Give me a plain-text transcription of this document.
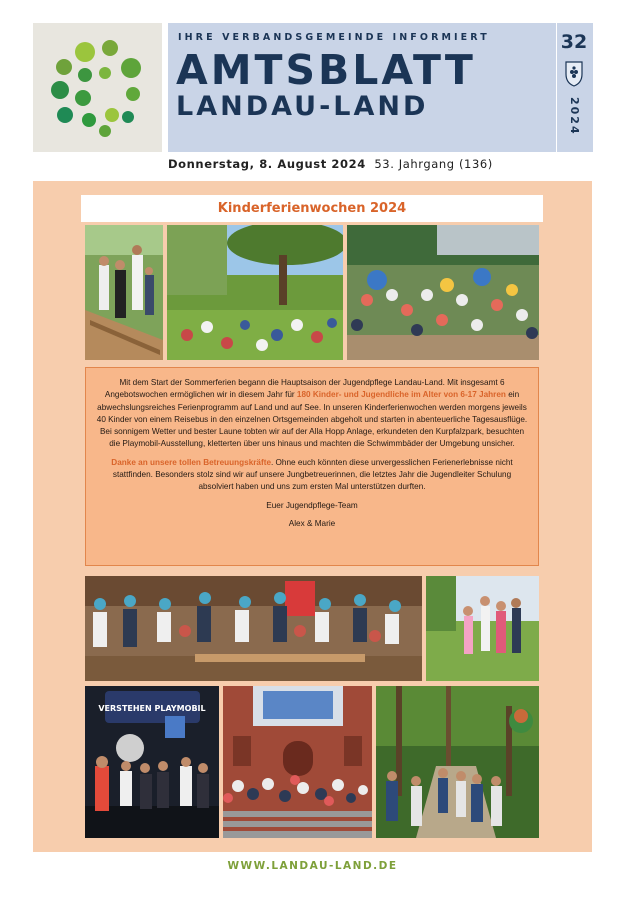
IHRE VERBANDSGEMEINDE INFORMIERT
AMTSBLATT
LANDAU-LAND
32
2024
Donnerstag, 8. August 2024 53. Jahrgang (136)
Kinderferienwochen 2024

Mit dem Start der Sommerferien begann die Hauptsaison der Jugendpflege Landau-Land. Mit insgesamt 6 Angebotswochen ermöglichen wir in diesem Jahr für 180 Kinder- und Jugendliche im Alter von 6-17 Jahren ein abwechslungsreiches Ferienprogramm auf Land und auf See. In unseren Kinderferienwochen werden morgens jeweils 40 Kinder von einem Reisebus in den einzelnen Ortsgemeinden abgeholt und starten in abenteuerliche Tagesausflüge. Bei sonnigem Wetter und bester Laune tobten wir auf der Alla Hopp Anlage, erkundeten den Kurpfalzpark, besuchten die Playmobil-Ausstellung, kletterten über uns hinaus und machten die Schwimmbäder der Umgebung unsicher.

Danke an unsere tollen Betreuungskräfte. Ohne euch könnten diese unvergesslichen Ferienerlebnisse nicht stattfinden. Besonders stolz sind wir auf unsere Jungbetreuerinnen, die letztes Jahr die Jugendleiter Schulung absolviert haben und uns zum ersten Mal unterstützen durften.

Euer Jugendpflege-Team

Alex & Marie

VERSTEHEN PLAYMOBIL
WWW.LANDAU-LAND.DE
